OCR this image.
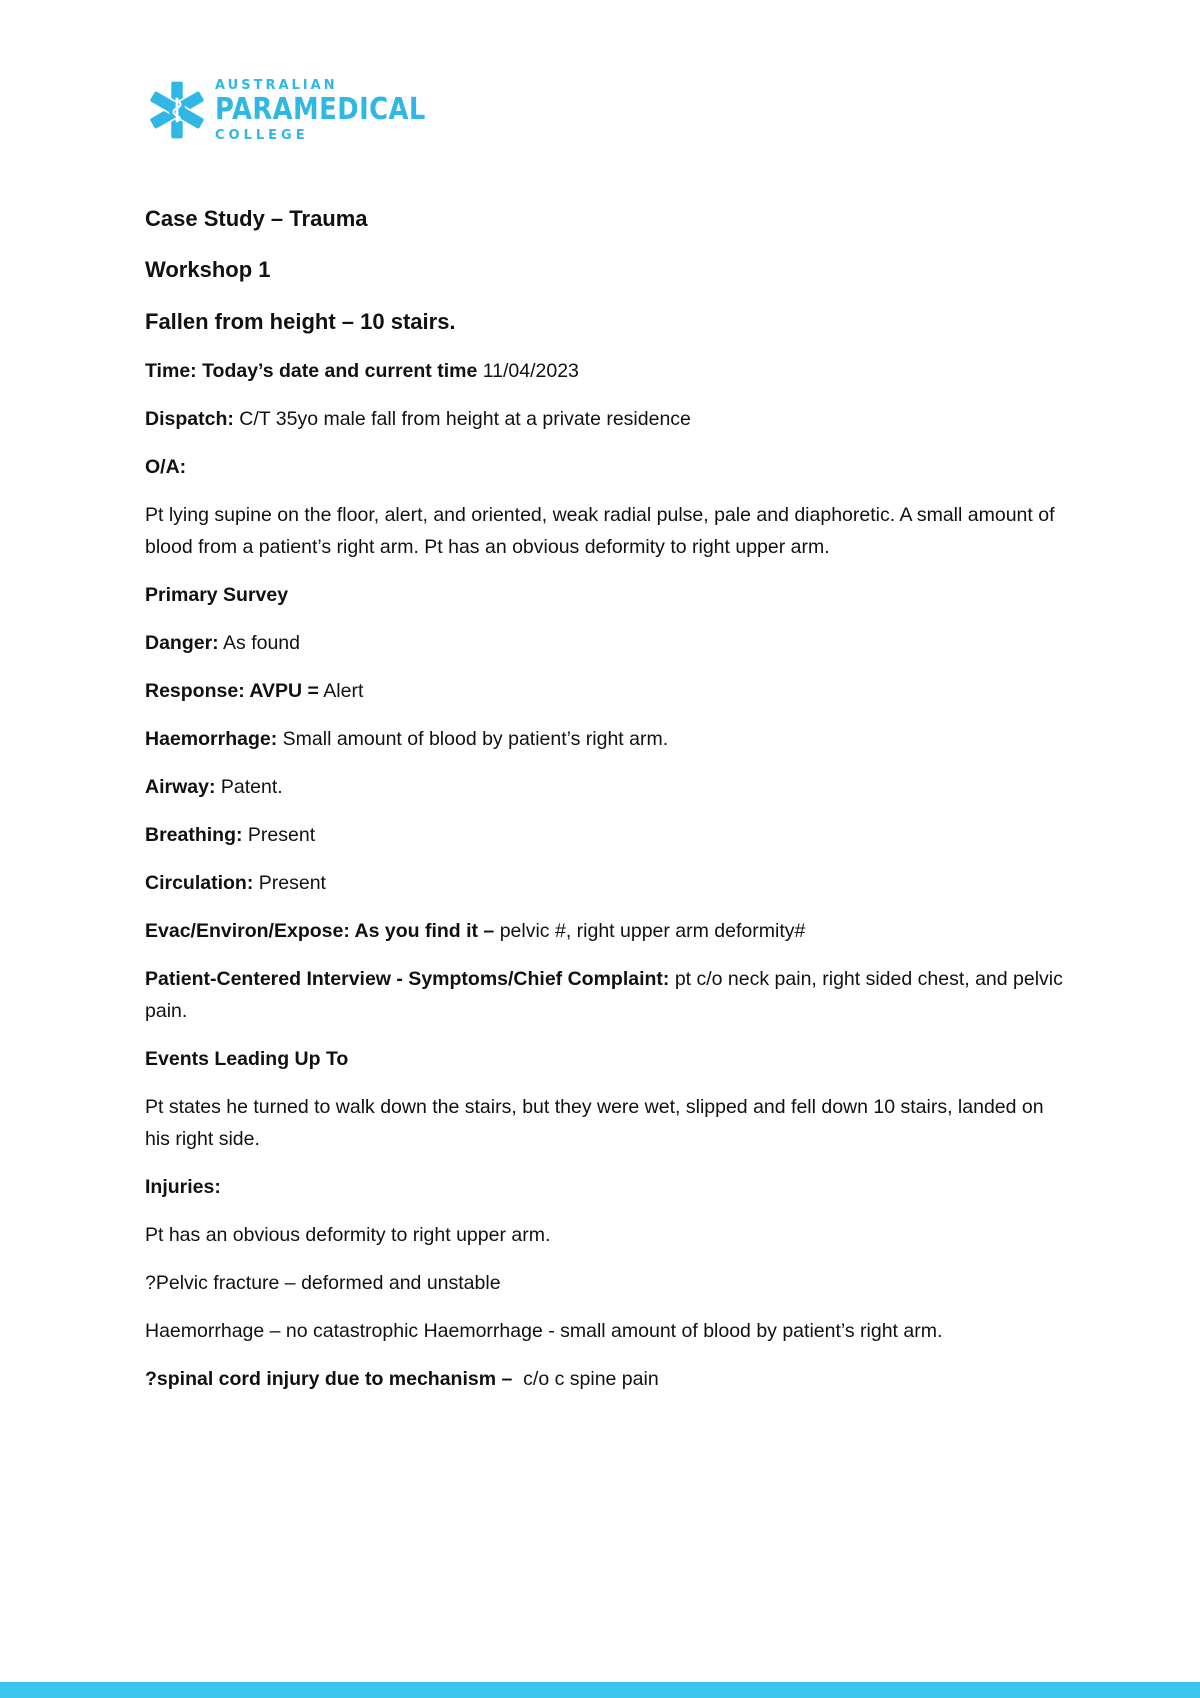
AUSTRALIAN
PARAMEDICAL
COLLEGE
Case Study – Trauma
Workshop 1
Fallen from height – 10 stairs.

Time: Today’s date and current time 11/04/2023

Dispatch: C/T 35yo male fall from height at a private residence

O/A:

Pt lying supine on the floor, alert, and oriented, weak radial pulse, pale and diaphoretic. A small amount of blood from a patient’s right arm. Pt has an obvious deformity to right upper arm.

Primary Survey

Danger: As found

Response: AVPU = Alert

Haemorrhage: Small amount of blood by patient’s right arm.

Airway: Patent.

Breathing: Present

Circulation: Present

Evac/Environ/Expose: As you find it – pelvic #, right upper arm deformity#

Patient-Centered Interview - Symptoms/Chief Complaint: pt c/o neck pain, right sided chest, and pelvic pain.

Events Leading Up To

Pt states he turned to walk down the stairs, but they were wet, slipped and fell down 10 stairs, landed on his right side.

Injuries:

Pt has an obvious deformity to right upper arm.

?Pelvic fracture – deformed and unstable

Haemorrhage – no catastrophic Haemorrhage - small amount of blood by patient’s right arm.

?spinal cord injury due to mechanism –  c/o c spine pain
